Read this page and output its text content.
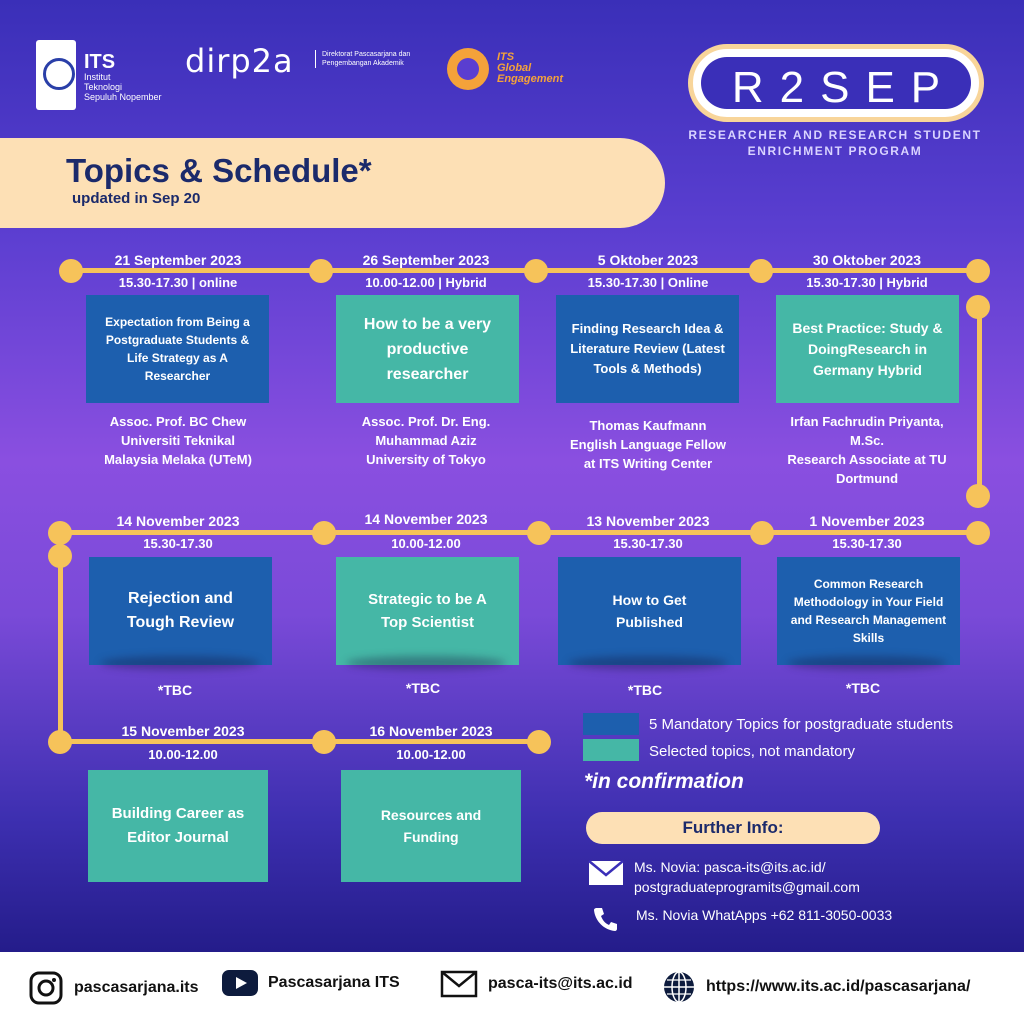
ITS
Institut
Teknologi
Sepuluh Nopember
dirp2a	Direktorat Pascasarjana dan Pengembangan Akademik
ITS
Global
Engagement	R2SEP
RESEARCHER AND RESEARCH STUDENT
ENRICHMENT PROGRAM
Topics & Schedule*
updated in Sep 20
21 September 2023
15.30-17.30 | online
Expectation from Being a Postgraduate Students & Life Strategy as A Researcher
Assoc. Prof. BC Chew
Universiti Teknikal
Malaysia Melaka (UTeM)
26 September 2023
10.00-12.00 | Hybrid
How to be a very productive researcher
Assoc. Prof. Dr. Eng.
Muhammad Aziz
University of Tokyo
5 Oktober 2023
15.30-17.30 | Online
Finding Research Idea & Literature Review (Latest Tools & Methods)
Thomas Kaufmann
English Language Fellow
at ITS Writing Center
30 Oktober 2023
15.30-17.30 | Hybrid
Best Practice: Study & DoingResearch in Germany Hybrid
Irfan Fachrudin Priyanta,
M.Sc.
Research Associate at TU
Dortmund
14 November 2023
15.30-17.30
Rejection and Tough Review
*TBC
14 November 2023
10.00-12.00
Strategic to be A Top Scientist
*TBC
13 November 2023
15.30-17.30
How to Get Published
*TBC
1 November 2023
15.30-17.30
Common Research Methodology in Your Field and Research Management Skills
*TBC
15 November 2023
10.00-12.00
Building Career as Editor Journal
16 November 2023
10.00-12.00
Resources and Funding
5 Mandatory Topics for postgraduate students
Selected topics, not mandatory
*in confirmation
Further Info:
Ms. Novia: pasca-its@its.ac.id/
postgraduateprogramits@gmail.com
Ms. Novia WhatApps +62 811-3050-0033
pascasarjana.its	Pascasarjana ITS	pasca-its@its.ac.id	https://www.its.ac.id/pascasarjana/
